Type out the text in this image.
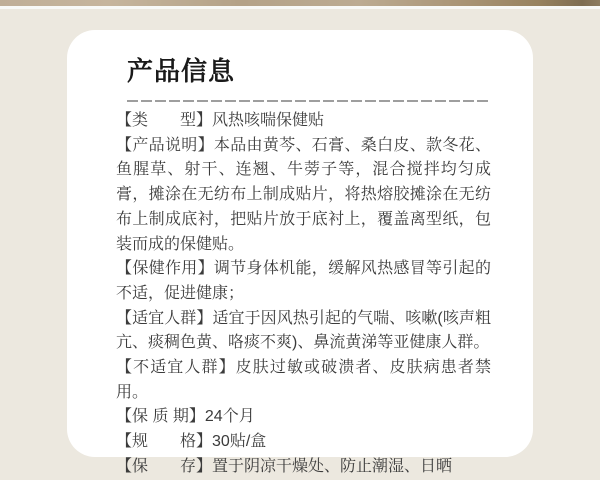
产品信息

【类　　型】风热咳喘保健贴

【产品说明】本品由黄芩、石膏、桑白皮、款冬花、鱼腥草、射干、连翘、牛蒡子等，混合搅拌均匀成膏，摊涂在无纺布上制成贴片，将热熔胶摊涂在无纺布上制成底衬，把贴片放于底衬上，覆盖离型纸，包装而成的保健贴。

【保健作用】调节身体机能，缓解风热感冒等引起的不适，促进健康；

【适宜人群】适宜于因风热引起的气喘、咳嗽(咳声粗亢、痰稠色黄、咯痰不爽)、鼻流黄涕等亚健康人群。

【不适宜人群】皮肤过敏或破溃者、皮肤病患者禁用。

【保 质 期】24个月

【规　　格】30贴/盒

【保　　存】置于阴凉干燥处、防止潮湿、日晒
